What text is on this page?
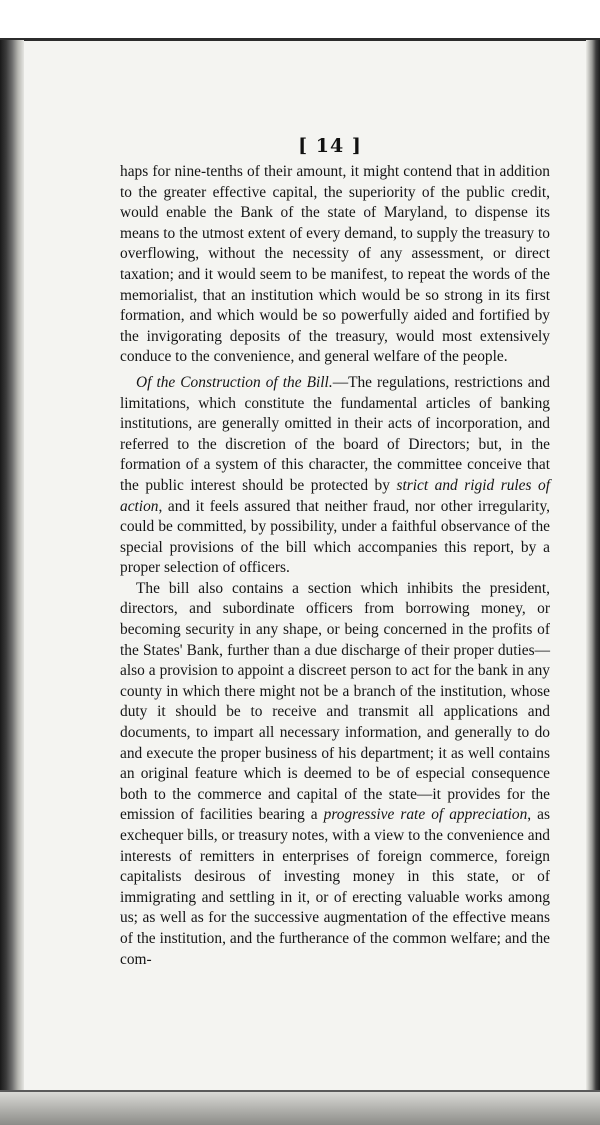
[ 14 ]

haps for nine-tenths of their amount, it might contend that in addition to the greater effective capital, the superiority of the public credit, would enable the Bank of the state of Maryland, to dispense its means to the utmost extent of every demand, to supply the treasury to overflowing, without the necessity of any assessment, or direct taxation; and it would seem to be manifest, to repeat the words of the memorialist, that an institution which would be so strong in its first formation, and which would be so powerfully aided and fortified by the invigorating deposits of the treasury, would most extensively conduce to the convenience, and general welfare of the people.

Of the Construction of the Bill.—The regulations, restrictions and limitations, which constitute the fundamental articles of banking institutions, are generally omitted in their acts of incorporation, and referred to the discretion of the board of Directors; but, in the formation of a system of this character, the committee conceive that the public interest should be protected by strict and rigid rules of action, and it feels assured that neither fraud, nor other irregularity, could be committed, by possibility, under a faithful observance of the special provisions of the bill which accompanies this report, by a proper selection of officers.

The bill also contains a section which inhibits the president, directors, and subordinate officers from borrowing money, or becoming security in any shape, or being concerned in the profits of the States' Bank, further than a due discharge of their proper duties—also a provision to appoint a discreet person to act for the bank in any county in which there might not be a branch of the institution, whose duty it should be to receive and transmit all applications and documents, to impart all necessary information, and generally to do and execute the proper business of his department; it as well contains an original feature which is deemed to be of especial consequence both to the commerce and capital of the state—it provides for the emission of facilities bearing a progressive rate of appreciation, as exchequer bills, or treasury notes, with a view to the convenience and interests of remitters in enterprises of foreign commerce, foreign capitalists desirous of investing money in this state, or of immigrating and settling in it, or of erecting valuable works among us; as well as for the successive augmentation of the effective means of the institution, and the furtherance of the common welfare; and the com-
